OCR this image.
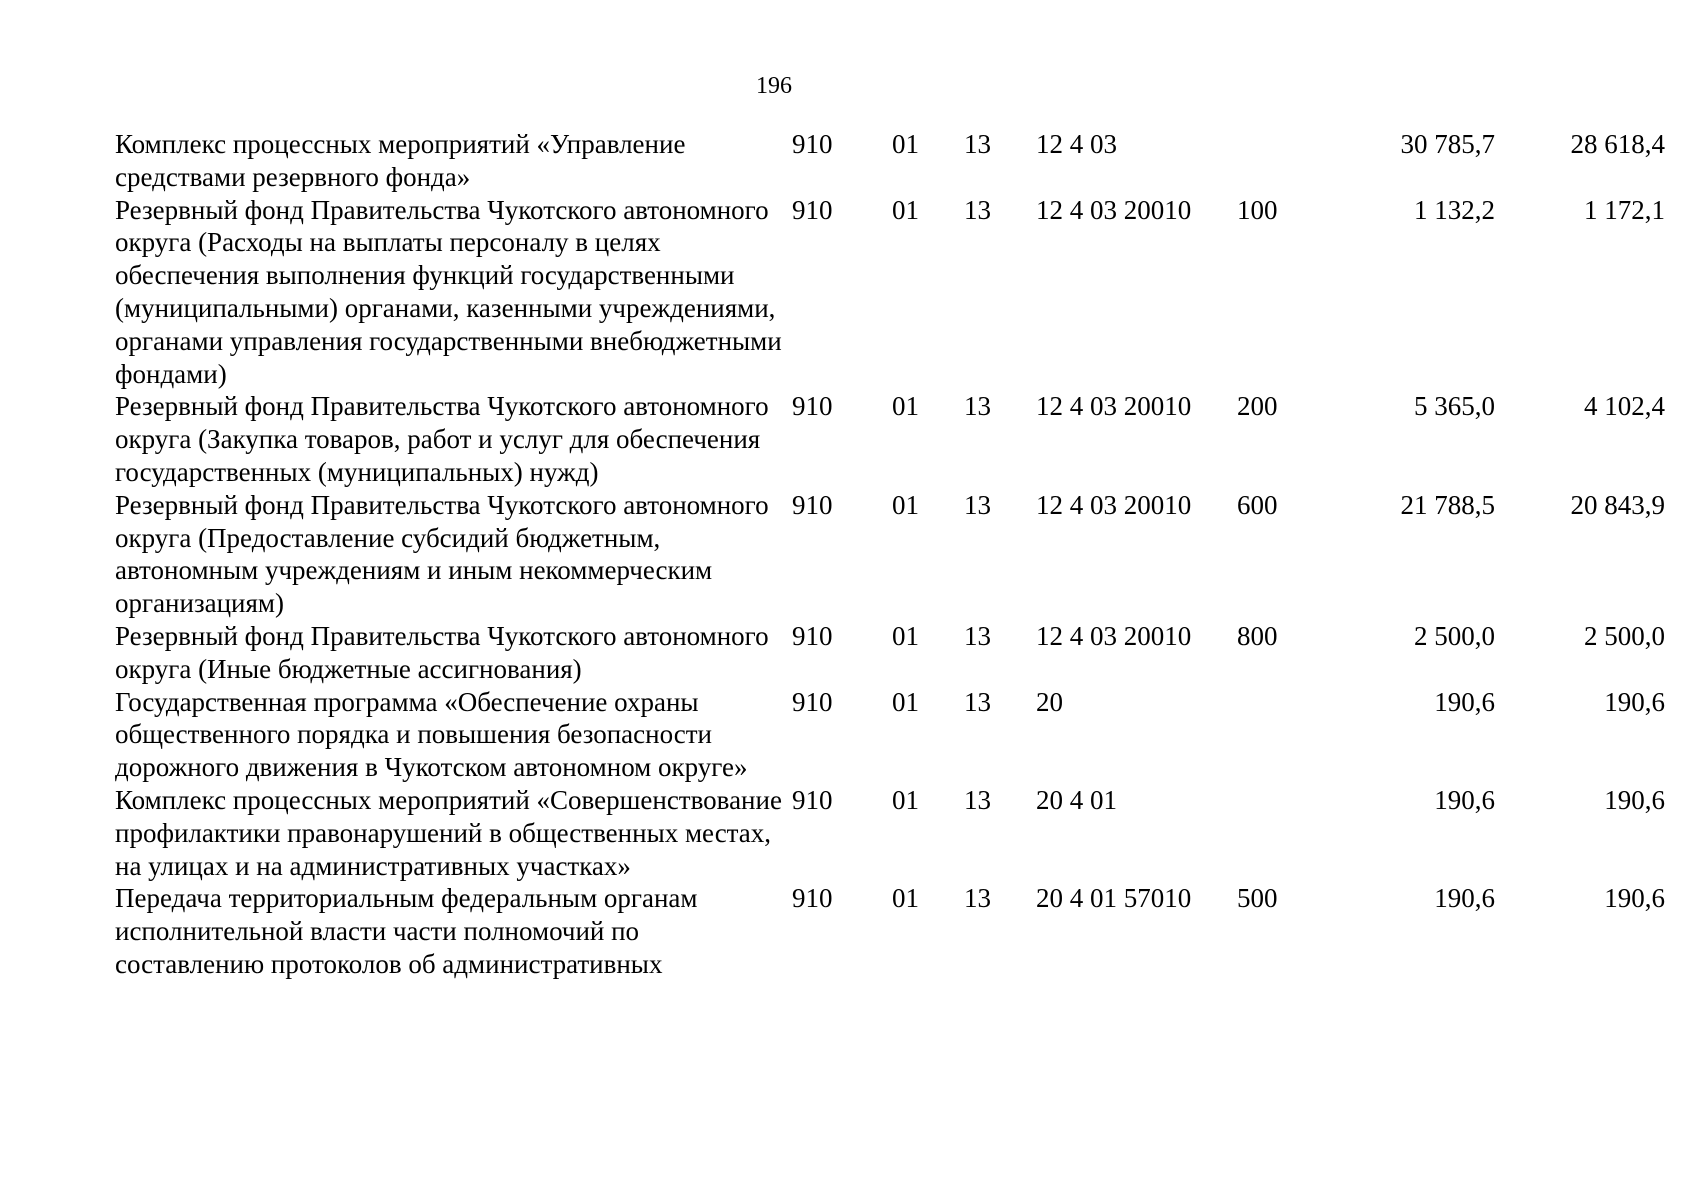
196
Комплекс процессных мероприятий «Управление средствами резервного фонда»	910	01	13	12 4 03		30 785,7	28 618,4
Резервный фонд Правительства Чукотского автономного округа (Расходы на выплаты персоналу в целях обеспечения выполнения функций государственными (муниципальными) органами, казенными учреждениями, органами управления государственными внебюджетными фондами)	910	01	13	12 4 03 20010	100	1 132,2	1 172,1
Резервный фонд Правительства Чукотского автономного округа (Закупка товаров, работ и услуг для обеспечения государственных (муниципальных) нужд)	910	01	13	12 4 03 20010	200	5 365,0	4 102,4
Резервный фонд Правительства Чукотского автономного округа (Предоставление субсидий бюджетным, автономным учреждениям и иным некоммерческим организациям)	910	01	13	12 4 03 20010	600	21 788,5	20 843,9
Резервный фонд Правительства Чукотского автономного округа (Иные бюджетные ассигнования)	910	01	13	12 4 03 20010	800	2 500,0	2 500,0
Государственная программа «Обеспечение охраны общественного порядка и повышения безопасности дорожного движения в Чукотском автономном округе»	910	01	13	20		190,6	190,6
Комплекс процессных мероприятий «Совершенствование профилактики правонарушений в общественных местах, на улицах и на административных участках»	910	01	13	20 4 01		190,6	190,6
Передача территориальным федеральным органам исполнительной власти части полномочий по составлению протоколов об административных	910	01	13	20 4 01 57010	500	190,6	190,6
